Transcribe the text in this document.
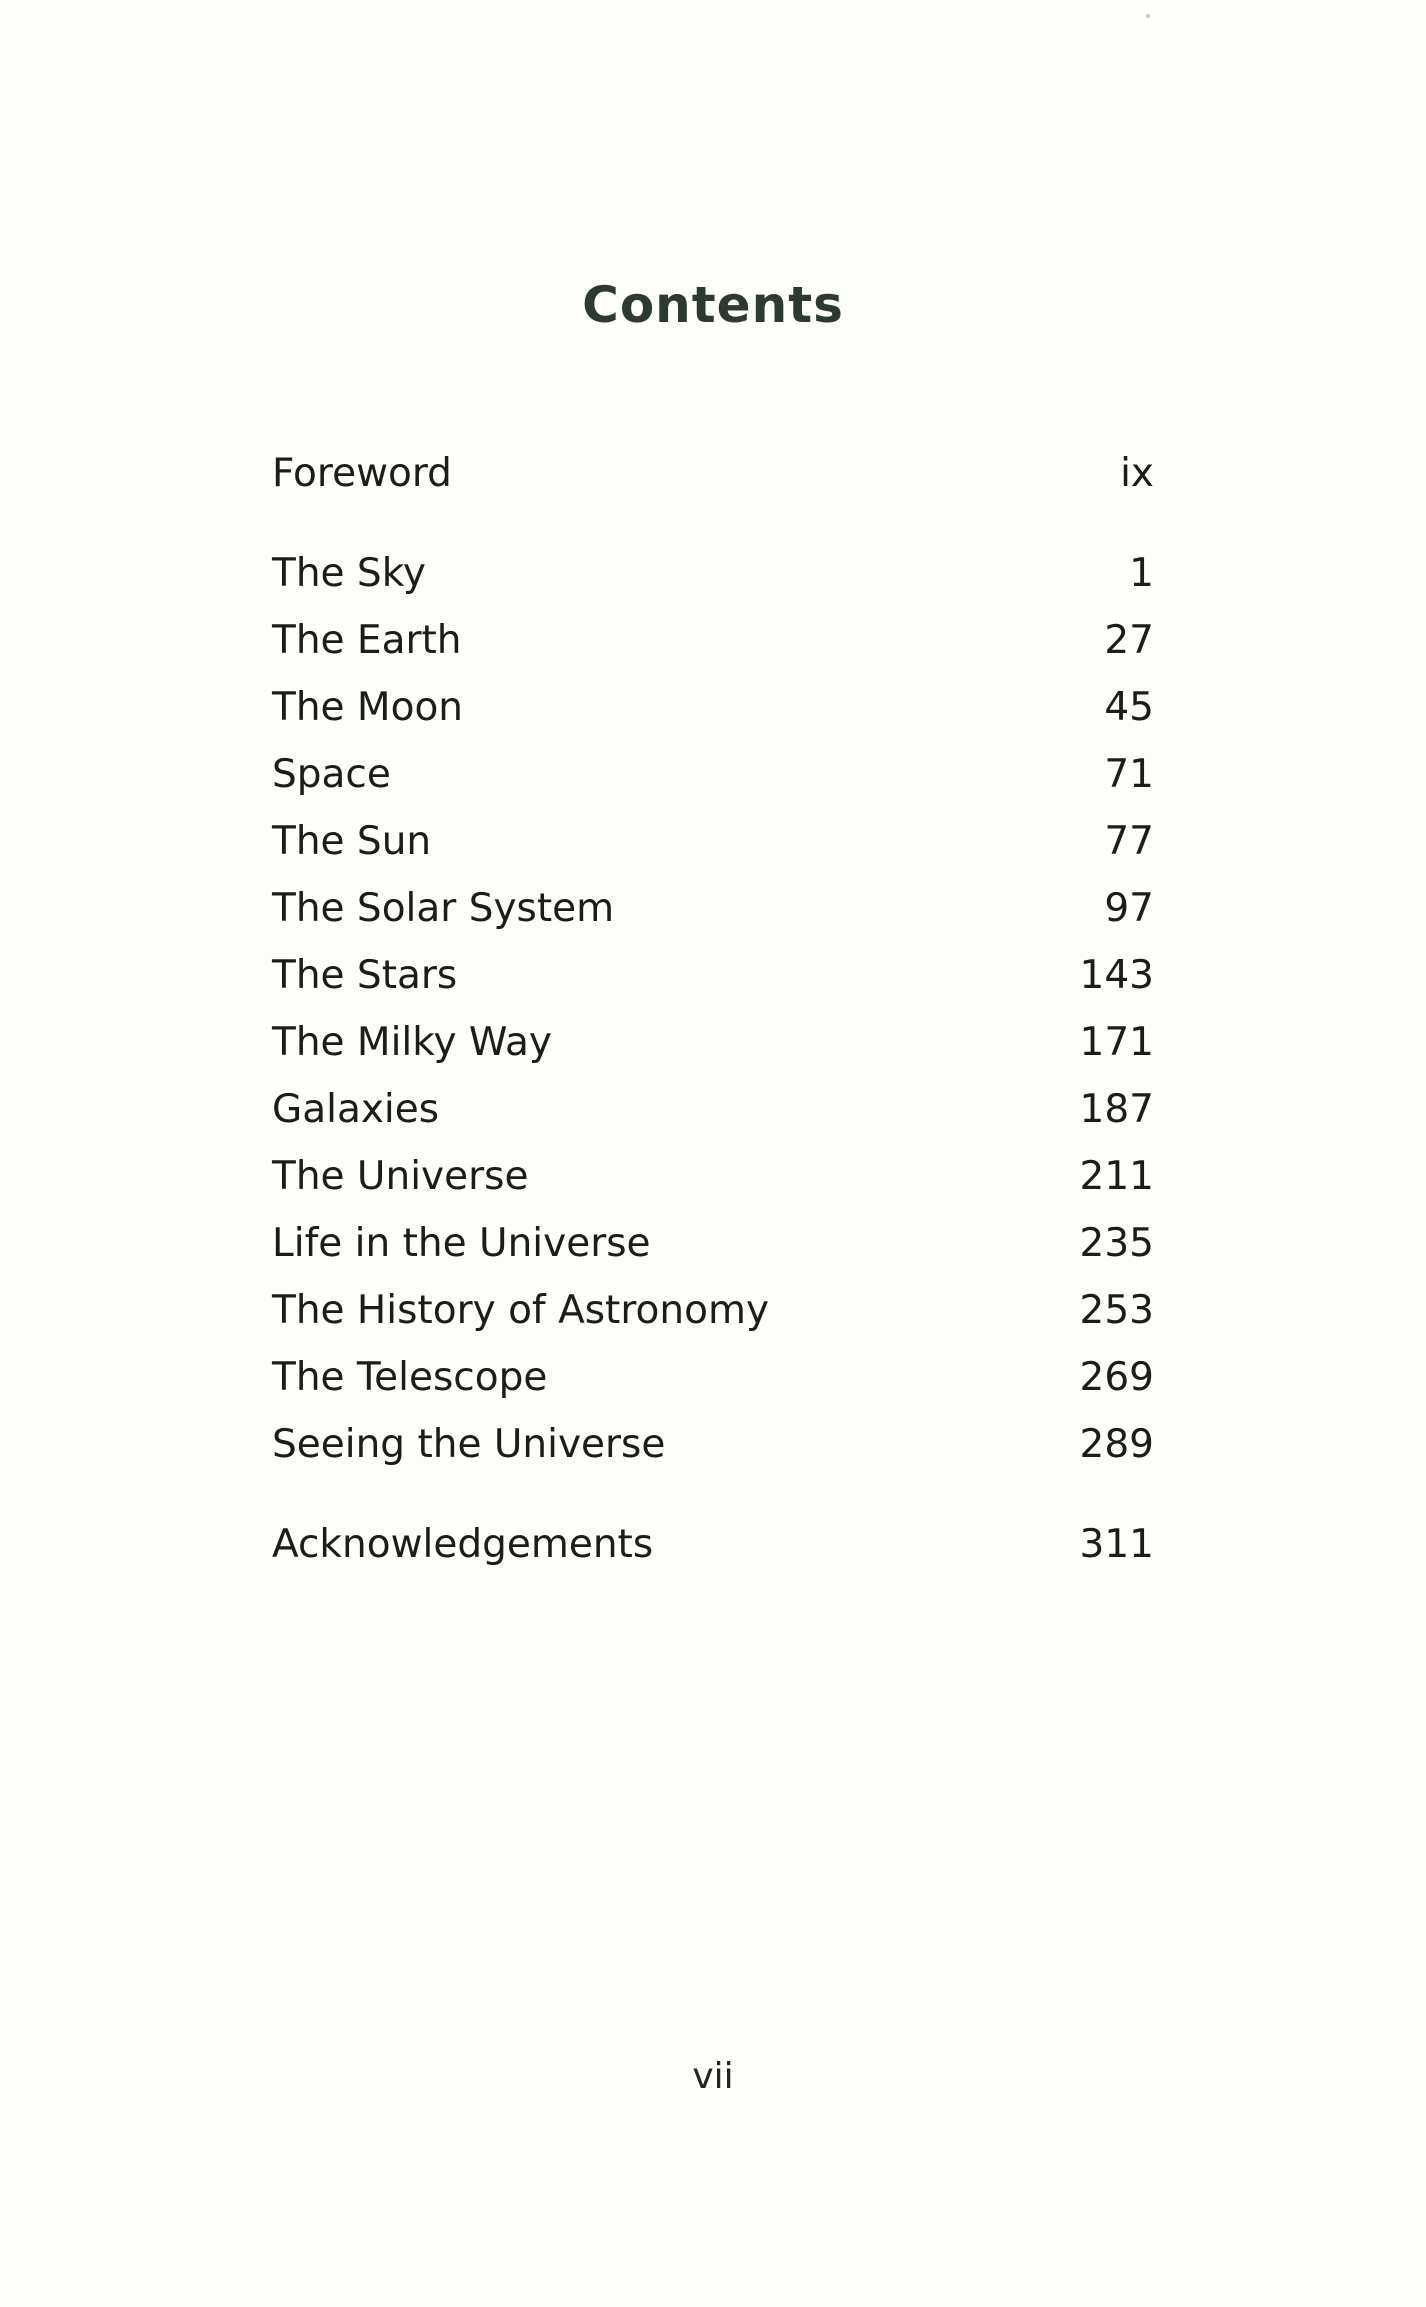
Contents
Foreword	ix
The Sky	1
The Earth	27
The Moon	45
Space	71
The Sun	77
The Solar System	97
The Stars	143
The Milky Way	171
Galaxies	187
The Universe	211
Life in the Universe	235
The History of Astronomy	253
The Telescope	269
Seeing the Universe	289
Acknowledgements	311
vii
